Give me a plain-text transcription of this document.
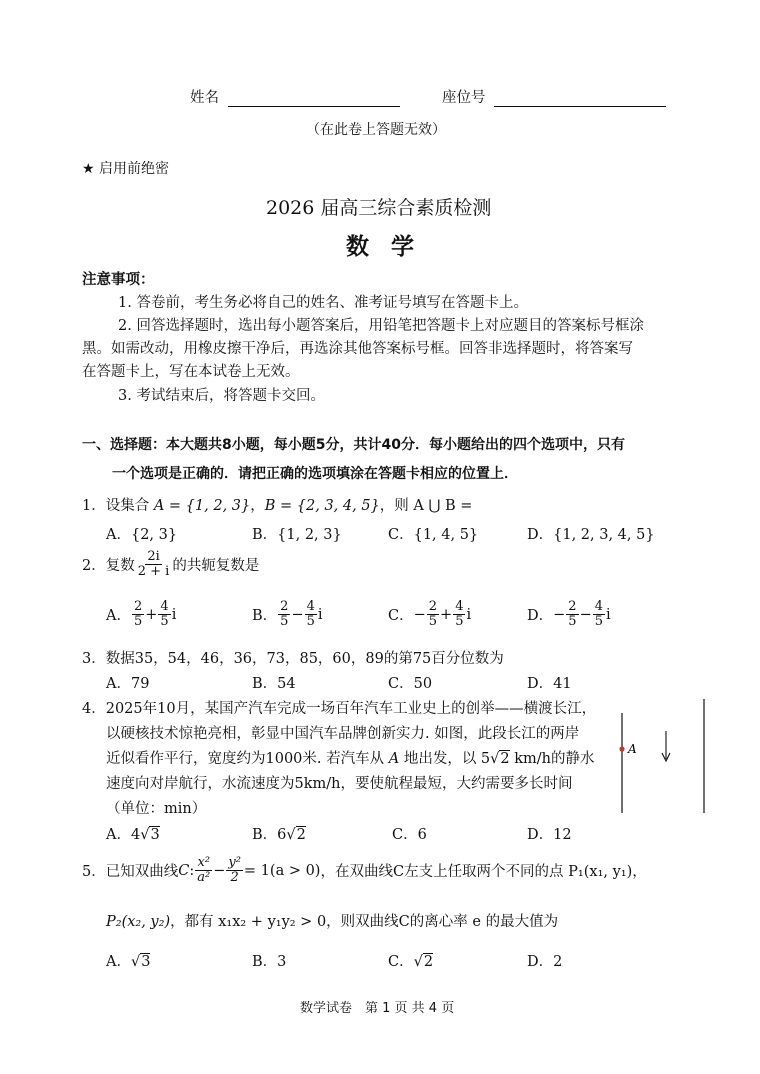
姓名	座位号
（在此卷上答题无效）
★ 启用前绝密
2026 届高三综合素质检测
数学
注意事项：
1. 答卷前，考生务必将自己的姓名、准考证号填写在答题卡上。
2. 回答选择题时，选出每小题答案后，用铅笔把答题卡上对应题目的答案标号框涂
黑。如需改动，用橡皮擦干净后，再选涂其他答案标号框。回答非选择题时，将答案写
在答题卡上，写在本试卷上无效。
3. 考试结束后，将答题卡交回。
一、选择题：本大题共8小题，每小题5分，共计40分．每小题给出的四个选项中，只有
一个选项是正确的．请把正确的选项填涂在答题卡相应的位置上．
1．设集合 A = {1, 2, 3}，B = {2, 3, 4, 5}，则 A ⋃ B =
A．{2, 3}	B．{1, 2, 3}	C．{1, 4, 5}	D．{1, 2, 3, 4, 5}
2．复数 $\frac{2i}{2 + i}$ 的共轭复数是
A． $\frac{2}{5} + \frac{4}{5}$ i	B． $\frac{2}{5} - \frac{4}{5}$ i	C． − $\frac{2}{5} + \frac{4}{5}$ i	D． − $\frac{2}{5} - \frac{4}{5}$ i
3．数据35，54，46，36，73，85，60，89的第75百分位数为
A．79	B．54	C．50	D．41
4．2025年10月，某国产汽车完成一场百年汽车工业史上的创举——横渡长江，
以硬核技术惊艳亮相，彰显中国汽车品牌创新实力. 如图，此段长江的两岸
近似看作平行，宽度约为1000米. 若汽车从 A 地出发，以 5√2 km/h的静水
速度向对岸航行，水流速度为5km/h，要使航程最短，大约需要多长时间
（单位：min）
A
A．4√3	B．6√2	C．6	D．12
5．已知双曲线 C : $\frac{\text{x²}}{\text{a²}} - \frac{\text{y²}}{2} = 1(a > 0)$ ，在双曲线C左支上任取两个不同的点 P₁(x₁, y₁)，
P₂(x₂, y₂)，都有 x₁x₂ + y₁y₂ > 0，则双曲线C的离心率 e 的最大值为
A．√3	B．3	C．√2	D．2
数学试卷　第 1 页 共 4 页
